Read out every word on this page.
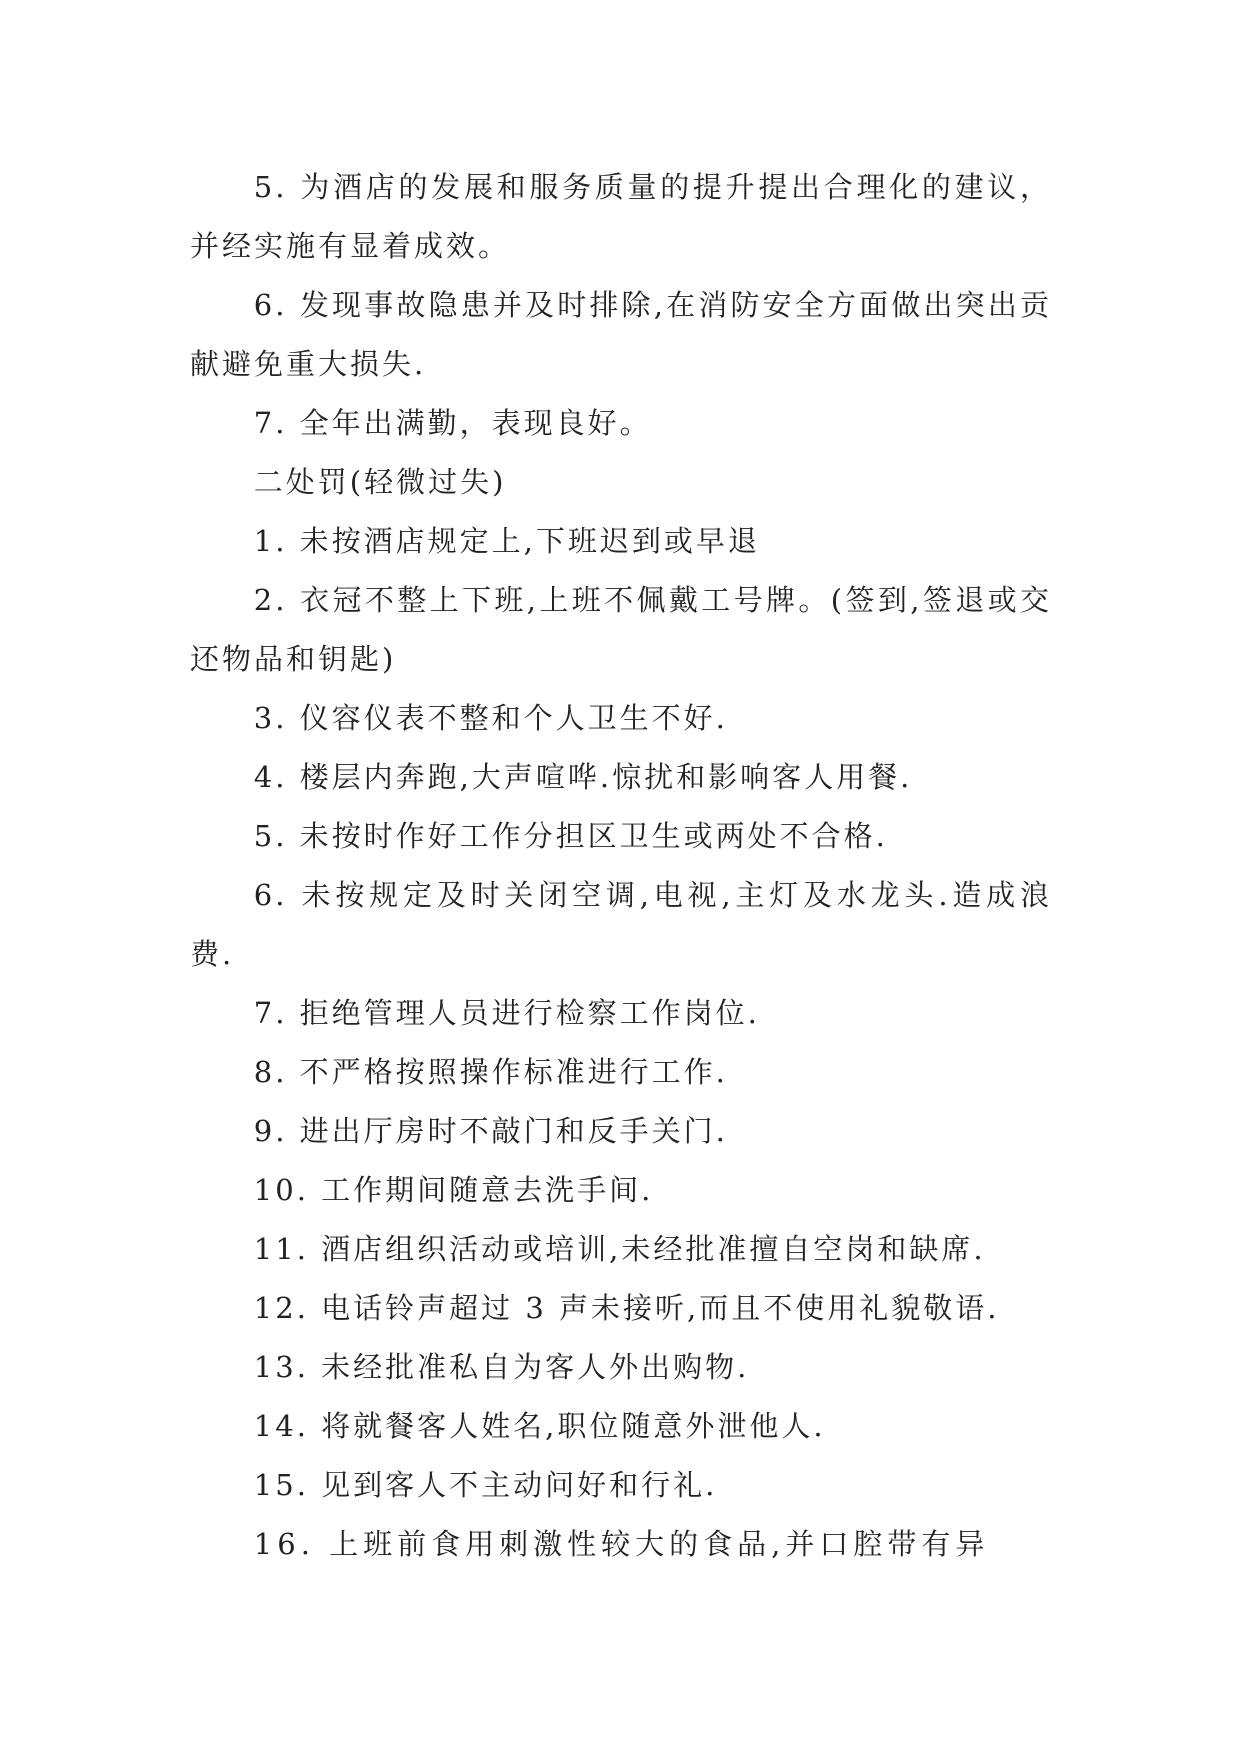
5. 为酒店的发展和服务质量的提升提出合理化的建议，并经实施有显着成效。

6. 发现事故隐患并及时排除,在消防安全方面做出突出贡献避免重大损失.

7. 全年出满勤，表现良好。

二处罚(轻微过失)

1. 未按酒店规定上,下班迟到或早退

2. 衣冠不整上下班,上班不佩戴工号牌。(签到,签退或交还物品和钥匙)

3. 仪容仪表不整和个人卫生不好.

4. 楼层内奔跑,大声喧哗.惊扰和影响客人用餐.

5. 未按时作好工作分担区卫生或两处不合格.

6. 未按规定及时关闭空调,电视,主灯及水龙头.造成浪费.

7. 拒绝管理人员进行检察工作岗位.

8. 不严格按照操作标准进行工作.

9. 进出厅房时不敲门和反手关门.

10. 工作期间随意去洗手间.

11. 酒店组织活动或培训,未经批准擅自空岗和缺席.

12. 电话铃声超过 3 声未接听,而且不使用礼貌敬语.

13. 未经批准私自为客人外出购物.

14. 将就餐客人姓名,职位随意外泄他人.

15. 见到客人不主动问好和行礼.

16. 上班前食用刺激性较大的食品,并口腔带有异
